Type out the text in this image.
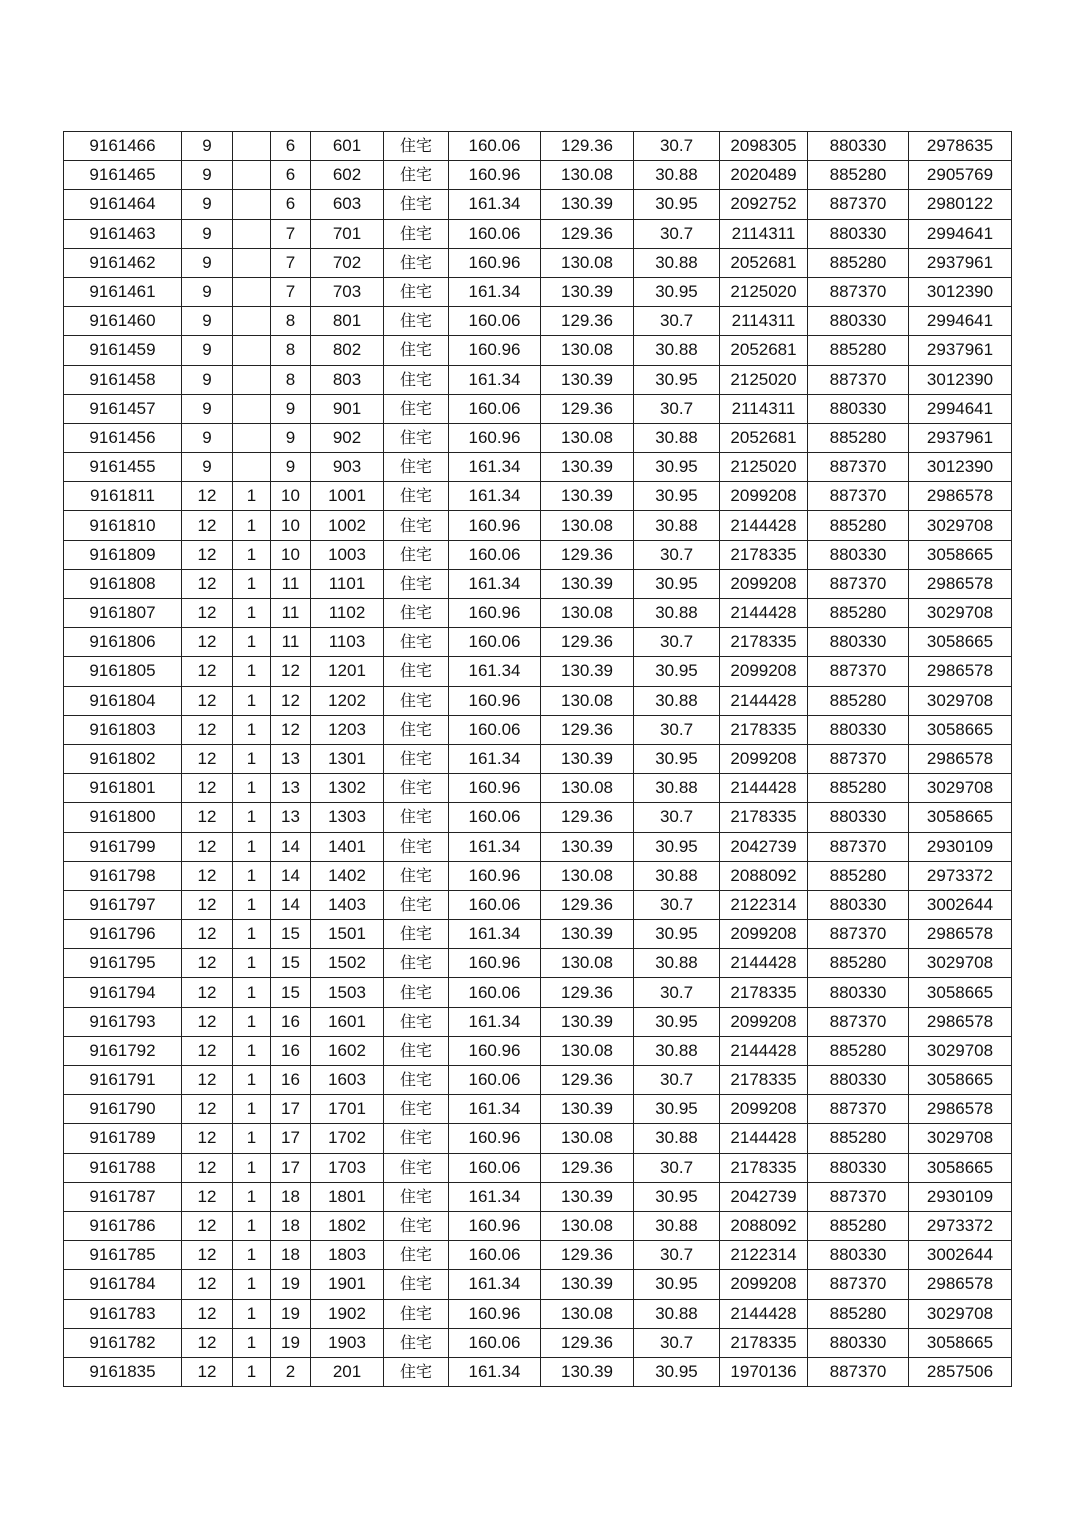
9161466	9		6	601	住宅	160.06	129.36	30.7	2098305	880330	2978635
9161465	9		6	602	住宅	160.96	130.08	30.88	2020489	885280	2905769
9161464	9		6	603	住宅	161.34	130.39	30.95	2092752	887370	2980122
9161463	9		7	701	住宅	160.06	129.36	30.7	2114311	880330	2994641
9161462	9		7	702	住宅	160.96	130.08	30.88	2052681	885280	2937961
9161461	9		7	703	住宅	161.34	130.39	30.95	2125020	887370	3012390
9161460	9		8	801	住宅	160.06	129.36	30.7	2114311	880330	2994641
9161459	9		8	802	住宅	160.96	130.08	30.88	2052681	885280	2937961
9161458	9		8	803	住宅	161.34	130.39	30.95	2125020	887370	3012390
9161457	9		9	901	住宅	160.06	129.36	30.7	2114311	880330	2994641
9161456	9		9	902	住宅	160.96	130.08	30.88	2052681	885280	2937961
9161455	9		9	903	住宅	161.34	130.39	30.95	2125020	887370	3012390
9161811	12	1	10	1001	住宅	161.34	130.39	30.95	2099208	887370	2986578
9161810	12	1	10	1002	住宅	160.96	130.08	30.88	2144428	885280	3029708
9161809	12	1	10	1003	住宅	160.06	129.36	30.7	2178335	880330	3058665
9161808	12	1	11	1101	住宅	161.34	130.39	30.95	2099208	887370	2986578
9161807	12	1	11	1102	住宅	160.96	130.08	30.88	2144428	885280	3029708
9161806	12	1	11	1103	住宅	160.06	129.36	30.7	2178335	880330	3058665
9161805	12	1	12	1201	住宅	161.34	130.39	30.95	2099208	887370	2986578
9161804	12	1	12	1202	住宅	160.96	130.08	30.88	2144428	885280	3029708
9161803	12	1	12	1203	住宅	160.06	129.36	30.7	2178335	880330	3058665
9161802	12	1	13	1301	住宅	161.34	130.39	30.95	2099208	887370	2986578
9161801	12	1	13	1302	住宅	160.96	130.08	30.88	2144428	885280	3029708
9161800	12	1	13	1303	住宅	160.06	129.36	30.7	2178335	880330	3058665
9161799	12	1	14	1401	住宅	161.34	130.39	30.95	2042739	887370	2930109
9161798	12	1	14	1402	住宅	160.96	130.08	30.88	2088092	885280	2973372
9161797	12	1	14	1403	住宅	160.06	129.36	30.7	2122314	880330	3002644
9161796	12	1	15	1501	住宅	161.34	130.39	30.95	2099208	887370	2986578
9161795	12	1	15	1502	住宅	160.96	130.08	30.88	2144428	885280	3029708
9161794	12	1	15	1503	住宅	160.06	129.36	30.7	2178335	880330	3058665
9161793	12	1	16	1601	住宅	161.34	130.39	30.95	2099208	887370	2986578
9161792	12	1	16	1602	住宅	160.96	130.08	30.88	2144428	885280	3029708
9161791	12	1	16	1603	住宅	160.06	129.36	30.7	2178335	880330	3058665
9161790	12	1	17	1701	住宅	161.34	130.39	30.95	2099208	887370	2986578
9161789	12	1	17	1702	住宅	160.96	130.08	30.88	2144428	885280	3029708
9161788	12	1	17	1703	住宅	160.06	129.36	30.7	2178335	880330	3058665
9161787	12	1	18	1801	住宅	161.34	130.39	30.95	2042739	887370	2930109
9161786	12	1	18	1802	住宅	160.96	130.08	30.88	2088092	885280	2973372
9161785	12	1	18	1803	住宅	160.06	129.36	30.7	2122314	880330	3002644
9161784	12	1	19	1901	住宅	161.34	130.39	30.95	2099208	887370	2986578
9161783	12	1	19	1902	住宅	160.96	130.08	30.88	2144428	885280	3029708
9161782	12	1	19	1903	住宅	160.06	129.36	30.7	2178335	880330	3058665
9161835	12	1	2	201	住宅	161.34	130.39	30.95	1970136	887370	2857506
